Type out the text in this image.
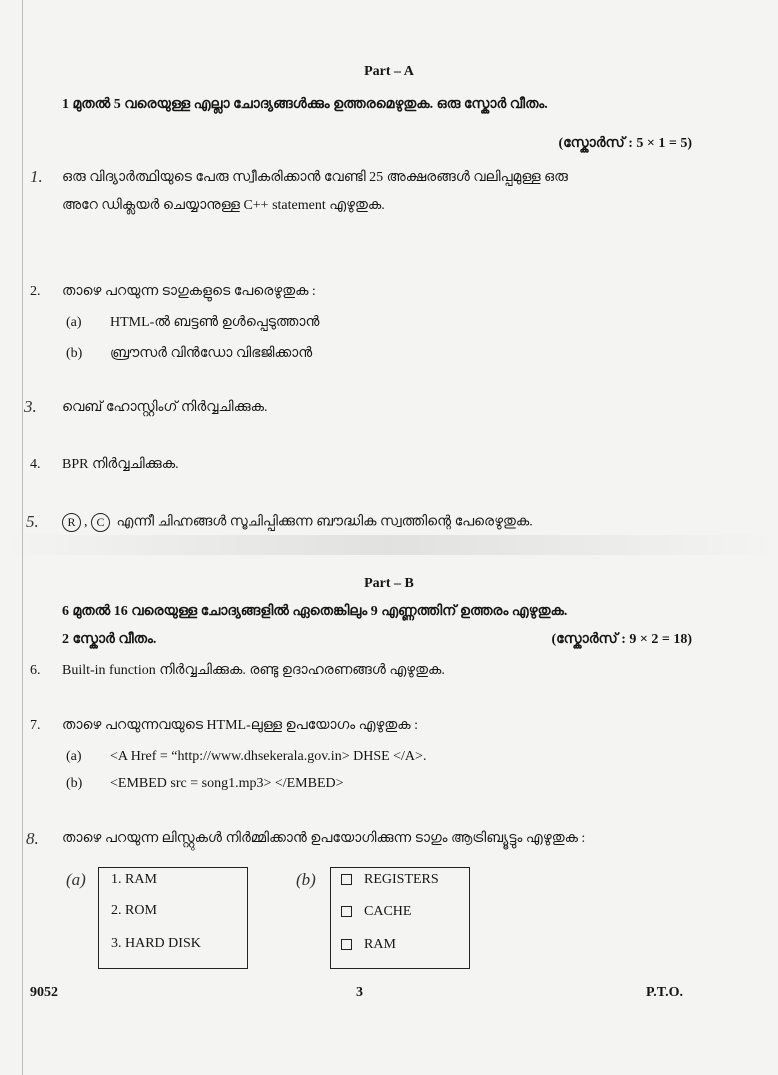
Part – A
1 മുതൽ 5 വരെയുള്ള എല്ലാ ചോദ്യങ്ങൾക്കും ഉത്തരമെഴുതുക. ഒരു സ്കോർ വീതം.
(സ്കോർസ് : 5 × 1 = 5)
1. ഒരു വിദ്യാർത്ഥിയുടെ പേരു സ്വീകരിക്കാൻ വേണ്ടി 25 അക്ഷരങ്ങൾ വലിപ്പമുള്ള ഒരു
അറേ ഡിക്ലയർ ചെയ്യാനുള്ള C++ statement എഴുതുക.
2. താഴെ പറയുന്ന ടാഗുകളുടെ പേരെഴുതുക :
(a) HTML-ൽ ബട്ടൺ ഉൾപ്പെടുത്താൻ
(b) ബ്രൗസർ വിൻഡോ വിഭജിക്കാൻ
3. വെബ് ഹോസ്റ്റിംഗ് നിർവ്വചിക്കുക.
4. BPR നിർവ്വചിക്കുക.
5.	R , C എന്നീ ചിഹ്നങ്ങൾ സൂചിപ്പിക്കുന്ന ബൗദ്ധിക സ്വത്തിന്റെ പേരെഴുതുക.
Part – B
6 മുതൽ 16 വരെയുള്ള ചോദ്യങ്ങളിൽ ഏതെങ്കിലും 9 എണ്ണത്തിന് ഉത്തരം എഴുതുക.
2 സ്കോർ വീതം.	(സ്കോർസ് : 9 × 2 = 18)
6. Built-in function നിർവ്വചിക്കുക. രണ്ടു ഉദാഹരണങ്ങൾ എഴുതുക.
7. താഴെ പറയുന്നവയുടെ HTML-ലുള്ള ഉപയോഗം എഴുതുക :
(a) <A Href = “http://www.dhsekerala.gov.in> DHSE </A>.
(b) <EMBED src = song1.mp3> </EMBED>
8. താഴെ പറയുന്ന ലിസ്റ്റുകൾ നിർമ്മിക്കാൻ ഉപയോഗിക്കുന്ന ടാഗും ആട്രിബ്യൂട്ടും എഴുതുക :
(a) 1. RAM
2. ROM
3. HARD DISK
(b)	REGISTERS
CACHE
RAM
9052	3	P.T.O.
